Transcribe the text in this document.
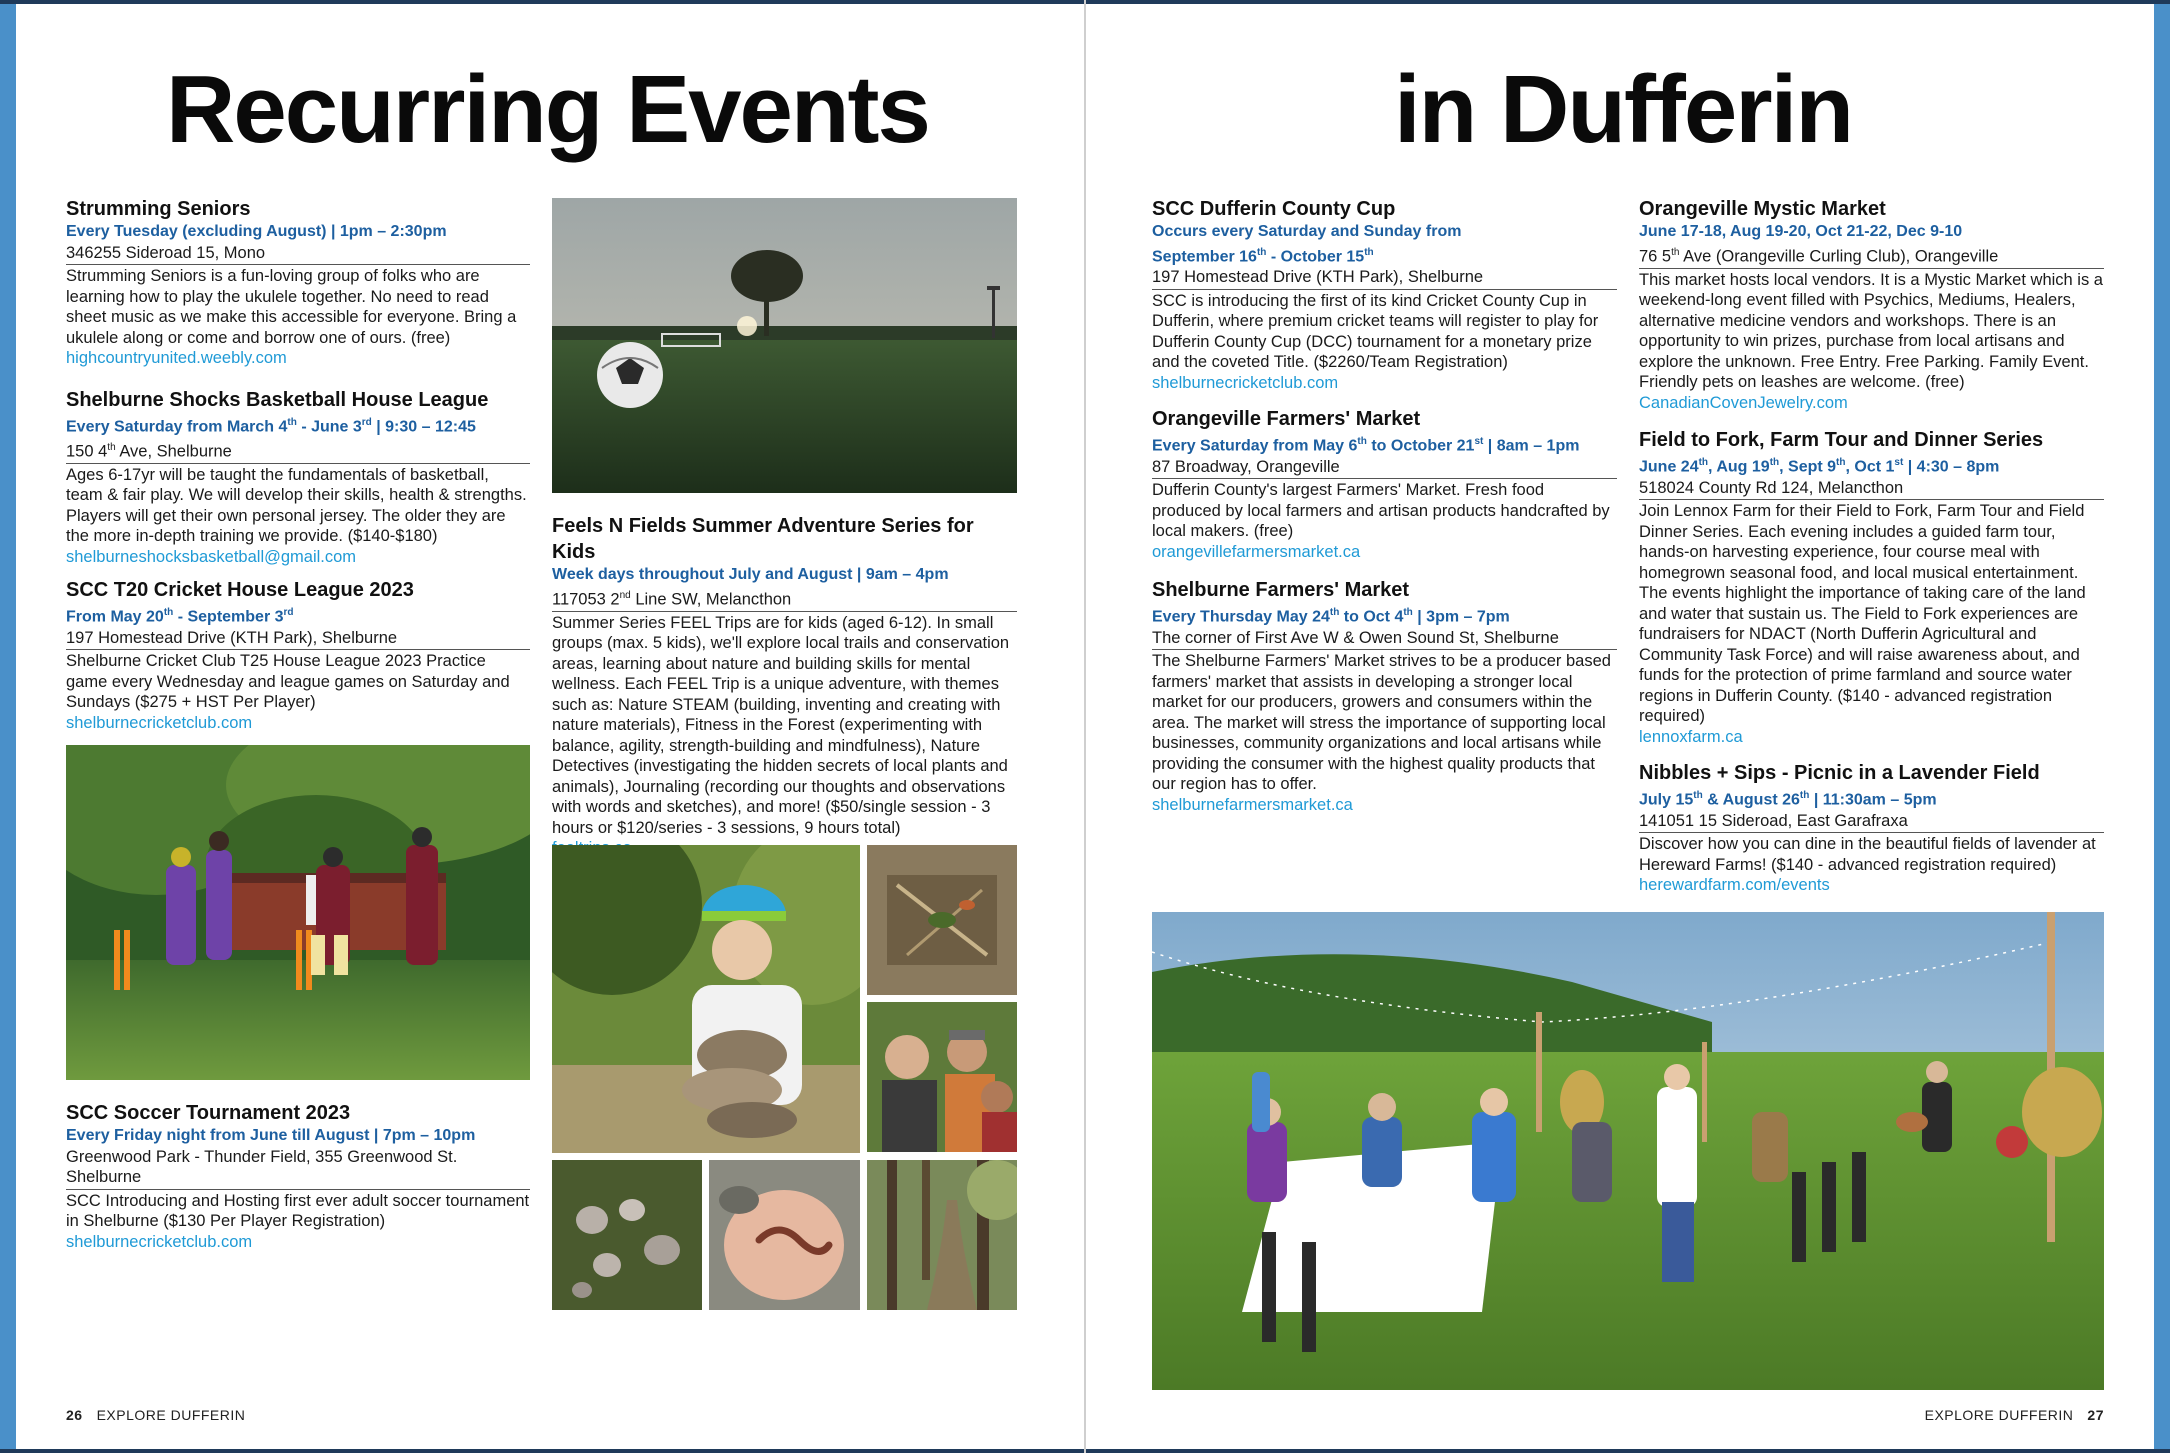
Recurring Events	in Dufferin
Strumming Seniors
Every Tuesday (excluding August) | 1pm – 2:30pm
346255 Sideroad 15, Mono
Strumming Seniors is a fun-loving group of folks who are learning how to play the ukulele together. No need to read sheet music as we make this accessible for everyone. Bring a ukulele along or come and borrow one of ours. (free)
highcountryunited.weebly.com
Shelburne Shocks Basketball House League
Every Saturday from March 4th - June 3rd | 9:30 – 12:45
150 4th Ave, Shelburne
Ages 6-17yr will be taught the fundamentals of basketball, team & fair play. We will develop their skills, health & strengths. Players will get their own personal jersey. The older they are the more in-depth training we provide. ($140-$180)
shelburneshocksbasketball@gmail.com
SCC T20 Cricket House League 2023
From May 20th - September 3rd
197 Homestead Drive (KTH Park), Shelburne
Shelburne Cricket Club T25 House League 2023 Practice game every Wednesday and league games on Saturday and Sundays ($275 + HST Per Player)
shelburnecricketclub.com
SCC Soccer Tournament 2023
Every Friday night from June till August | 7pm – 10pm
Greenwood Park - Thunder Field, 355 Greenwood St. Shelburne
SCC Introducing and Hosting first ever adult soccer tournament in Shelburne ($130 Per Player Registration)
shelburnecricketclub.com
Feels N Fields Summer Adventure Series for Kids
Week days throughout July and August | 9am – 4pm
117053 2nd Line SW, Melancthon
Summer Series FEEL Trips are for kids (aged 6-12). In small groups (max. 5 kids), we'll explore local trails and conservation areas, learning about nature and building skills for mental wellness. Each FEEL Trip is a unique adventure, with themes such as: Nature STEAM (building, inventing and creating with nature materials), Fitness in the Forest (experimenting with balance, agility, strength-building and mindfulness), Nature Detectives (investigating the hidden secrets of local plants and animals), Journaling (recording our thoughts and observations with words and sketches), and more! ($50/single session - 3 hours or $120/series - 3 sessions, 9 hours total)
SCC Dufferin County Cup
Occurs every Saturday and Sunday from
September 16th - October 15th
197 Homestead Drive (KTH Park), Shelburne
SCC is introducing the first of its kind Cricket County Cup in Dufferin, where premium cricket teams will register to play for Dufferin County Cup (DCC) tournament for a monetary prize and the coveted Title. ($2260/Team Registration)
shelburnecricketclub.com
Orangeville Farmers' Market
Every Saturday from May 6th to October 21st | 8am – 1pm
87 Broadway, Orangeville
Dufferin County's largest Farmers' Market. Fresh food produced by local farmers and artisan products handcrafted by local makers. (free)
orangevillefarmersmarket.ca
Shelburne Farmers' Market
Every Thursday May 24th to Oct 4th | 3pm – 7pm
The corner of First Ave W & Owen Sound St, Shelburne
The Shelburne Farmers' Market strives to be a producer based farmers' market that assists in developing a stronger local market for our producers, growers and consumers within the area. The market will stress the importance of supporting local businesses, community organizations and local artisans while providing the consumer with the highest quality products that our region has to offer.
shelburnefarmersmarket.ca
Orangeville Mystic Market
June 17-18, Aug 19-20, Oct 21-22, Dec 9-10
76 5th Ave (Orangeville Curling Club), Orangeville
This market hosts local vendors. It is a Mystic Market which is a weekend-long event filled with Psychics, Mediums, Healers, alternative medicine vendors and workshops. There is an opportunity to win prizes, purchase from local artisans and explore the unknown. Free Entry. Free Parking. Family Event. Friendly pets on leashes are welcome. (free)
CanadianCovenJewelry.com
Field to Fork, Farm Tour and Dinner Series
June 24th, Aug 19th, Sept 9th, Oct 1st | 4:30 – 8pm
518024 County Rd 124, Melancthon
Join Lennox Farm for their Field to Fork, Farm Tour and Field Dinner Series. Each evening includes a guided farm tour, hands-on harvesting experience, four course meal with homegrown seasonal food, and local musical entertainment. The events highlight the importance of taking care of the land and water that sustain us. The Field to Fork experiences are fundraisers for NDACT (North Dufferin Agricultural and Community Task Force) and will raise awareness about, and funds for the protection of prime farmland and source water regions in Dufferin County. ($140 - advanced registration required)
lennoxfarm.ca
Nibbles + Sips - Picnic in a Lavender Field
July 15th & August 26th | 11:30am – 5pm
141051 15 Sideroad, East Garafraxa
Discover how you can dine in the beautiful fields of lavender at Hereward Farms! ($140 - advanced registration required)
herewardfarm.com/events
26 EXPLORE DUFFERIN	EXPLORE DUFFERIN 27
